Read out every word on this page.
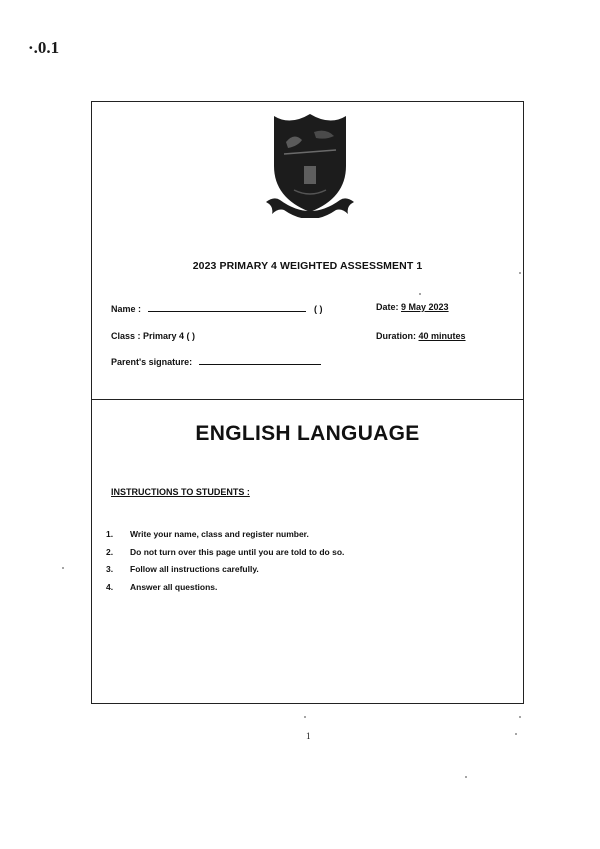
·.0.1
2023 PRIMARY 4 WEIGHTED ASSESSMENT 1
Name :	( )	Date: 9 May 2023
Class : Primary 4 ( )	Duration: 40 minutes
Parent's signature:
ENGLISH LANGUAGE
INSTRUCTIONS TO STUDENTS :
1. Write your name, class and register number.
2. Do not turn over this page until you are told to do so.
3. Follow all instructions carefully.
4. Answer all questions.
1
